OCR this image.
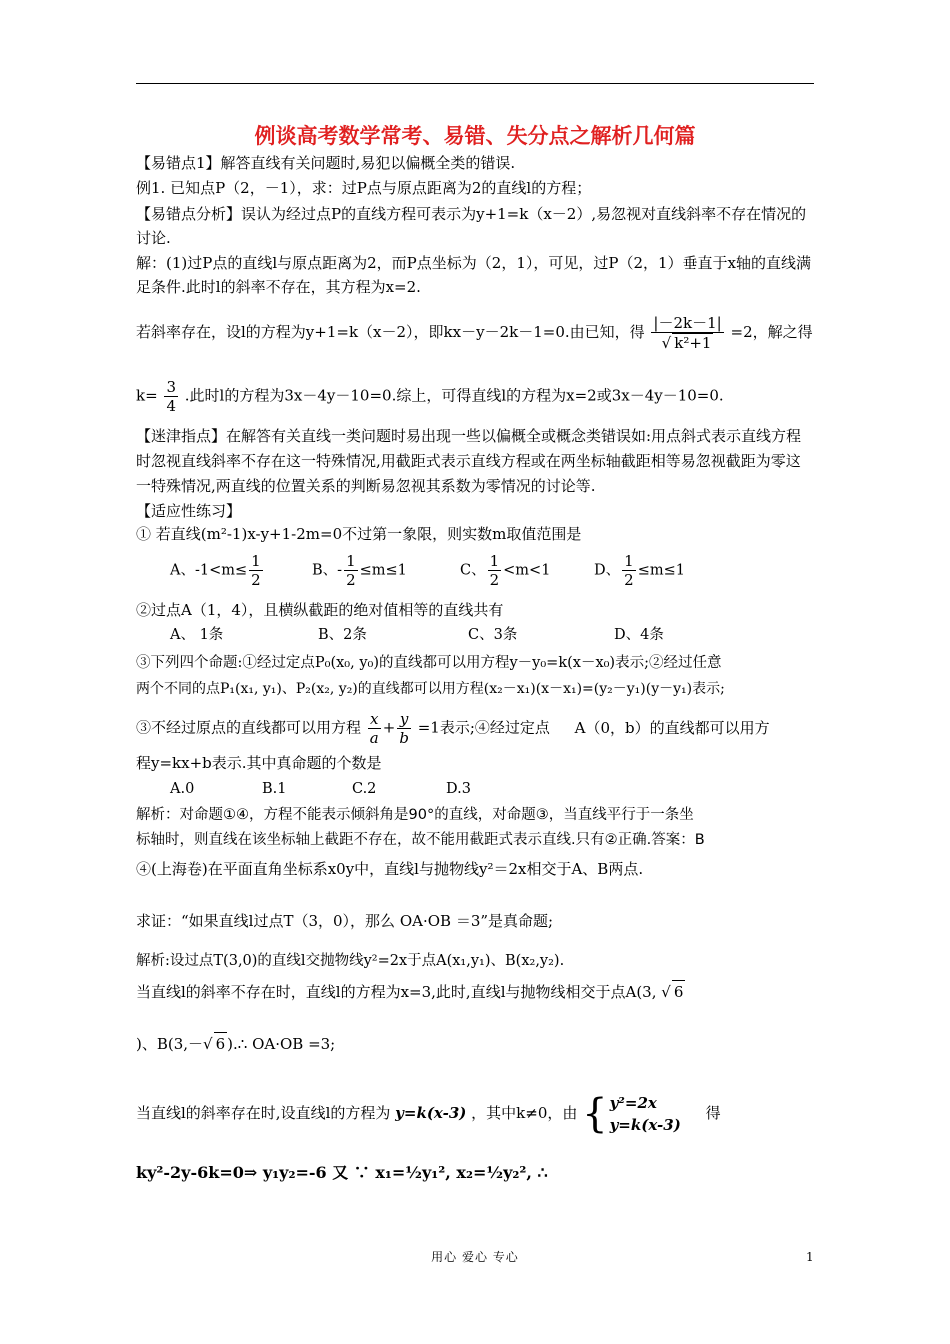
例谈高考数学常考、易错、失分点之解析几何篇
【易错点1】解答直线有关问题时,易犯以偏概全类的错误.
例1. 已知点P（2，－1），求：过P点与原点距离为2的直线l的方程；
【易错点分析】误认为经过点P的直线方程可表示为y+1=k（x－2）,易忽视对直线斜率不存在情况的讨论.
解：(1)过P点的直线l与原点距离为2，而P点坐标为（2，1），可见，过P（2，1）垂直于x轴的直线满足条件.此时l的斜率不存在，其方程为x=2.
若斜率存在，设l的方程为y+1=k（x－2），即kx－y－2k－1=0.由已知，得 $\frac{|-2k-1|}{\text{√ k²+1}} =2$，解之得
$k= \frac{3}{4}$ .此时l的方程为3x－4y－10=0.综上，可得直线l的方程为x=2或3x－4y－10=0.
【迷津指点】在解答有关直线一类问题时易出现一些以偏概全或概念类错误如:用点斜式表示直线方程时忽视直线斜率不存在这一特殊情况,用截距式表示直线方程或在两坐标轴截距相等易忽视截距为零这一特殊情况,两直线的位置关系的判断易忽视其系数为零情况的讨论等.
【适应性练习】
① 若直线(m²-1)x-y+1-2m=0不过第一象限，则实数m取值范围是
A、$-1<m\le \frac{1}{2}$	B、- $\frac{1}{2} \le m\le 1$	C、 $\frac{1}{2} <m<1$	D、 $\frac{1}{2} \le m\le 1$
②过点A（1，4），且横纵截距的绝对值相等的直线共有
A、 1条	B、2条	C、3条	D、4条
③下列四个命题:①经过定点P₀(x₀, y₀)的直线都可以用方程y－y₀=k(x－x₀)表示;②经过任意
两个不同的点P₁(x₁, y₁)、P₂(x₂, y₂)的直线都可以用方程(x₂－x₁)(x－x₁)=(y₂－y₁)(y－y₁)表示;
③不经过原点的直线都可以用方程 $\frac{x}{a} + \frac{y}{b} =1$表示;④经过定点 A（0，b）的直线都可以用方
程y=kx+b表示.其中真命题的个数是
A.0	B.1	C.2	D.3
解析：对命题①④，方程不能表示倾斜角是90°的直线，对命题③，当直线平行于一条坐
标轴时，则直线在该坐标轴上截距不存在，故不能用截距式表示直线.只有②正确.答案：B
④(上海卷)在平面直角坐标系x0y中，直线l与抛物线y²＝2x相交于A、B两点.
求证：“如果直线l过点T（3，0），那么 OA·OB ＝3”是真命题;
解析:设过点T(3,0)的直线l交抛物线y²=2x于点A(x₁,y₁)、B(x₂,y₂).
当直线l的斜率不存在时，直线l的方程为x=3,此时,直线l与抛物线相交于点A(3, √ 6
)、B(3,－√ 6 ).∴ OA·OB =3;
当直线l的斜率存在时,设直线l的方程为 y=k(x-3) ，其中k≠0，由 { y²=2x
y=k(x-3)
得
ky²-2y-6k=0⇒ y₁y₂=-6 又 ∵ x₁=½y₁², x₂=½y₂², ∴
用心 爱心 专心	1
